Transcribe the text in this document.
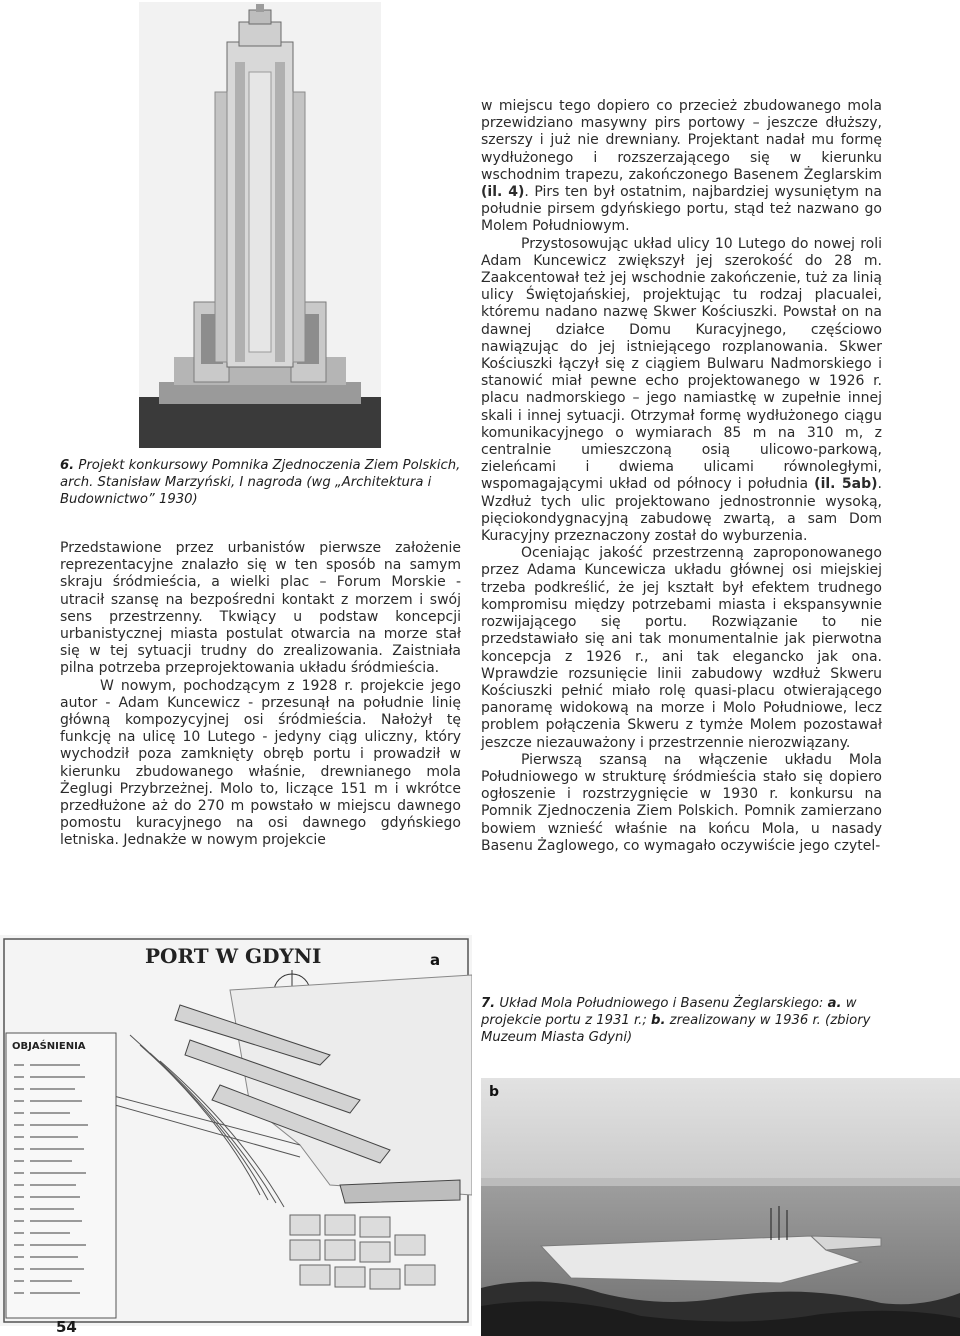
6. Projekt konkursowy Pomnika Zjednoczenia Ziem Polskich, arch. Stanisław Marzyński, I nagroda (wg „Architektura i Budownictwo” 1930)

Przedstawione przez urbanistów pierwsze założenie reprezentacyjne znalazło się w ten sposób na samym skraju śródmieścia, a wielki plac – Forum Morskie - utracił szansę na bezpośredni kontakt z morzem i swój sens przestrzenny. Tkwiący u podstaw koncepcji urbanistycznej miasta postulat otwarcia na morze stał się w tej sytuacji trudny do zrealizowania. Zaistniała pilna potrzeba przeprojektowania układu śródmieścia.

W nowym, pochodzącym z 1928 r. projekcie jego autor - Adam Kuncewicz - przesunął na południe linię główną kompozycyjnej osi śródmieścia. Nałożył tę funkcję na ulicę 10 Lutego - jedyny ciąg uliczny, który wychodził poza zamknięty obręb portu i prowadził w kierunku zbudowanego właśnie, drewnianego mola Żeglugi Przybrzeżnej. Molo to, liczące 151 m i wkrótce przedłużone aż do 270 m powstało w miejscu dawnego pomostu kuracyjnego na osi dawnego gdyńskiego letniska. Jednakże w nowym projekcie

w miejscu tego dopiero co przecież zbudowanego mola przewidziano masywny pirs portowy – jeszcze dłuższy, szerszy i już nie drewniany. Projektant nadał mu formę wydłużonego i rozszerzającego się w kierunku wschodnim trapezu, zakończonego Basenem Żeglarskim (il. 4). Pirs ten był ostatnim, najbardziej wysuniętym na południe pirsem gdyńskiego portu, stąd też nazwano go Molem Południowym.

Przystosowując układ ulicy 10 Lutego do nowej roli Adam Kuncewicz zwiększył jej szerokość do 28 m. Zaakcentował też jej wschodnie zakończenie, tuż za linią ulicy Świętojańskiej, projektując tu rodzaj placualei, któremu nadano nazwę Skwer Kościuszki. Powstał on na dawnej działce Domu Kuracyjnego, częściowo nawiązując do jej istniejącego rozplanowania. Skwer Kościuszki łączył się z ciągiem Bulwaru Nadmorskiego i stanowić miał pewne echo projektowanego w 1926 r. placu nadmorskiego – jego namiastkę w zupełnie innej skali i innej sytuacji. Otrzymał formę wydłużonego ciągu komunikacyjnego o wymiarach 85 m na 310 m, z centralnie umieszczoną osią ulicowo-parkową, zieleńcami i dwiema ulicami równoległymi, wspomagającymi układ od północy i południa (il. 5ab). Wzdłuż tych ulic projektowano jednostronnie wysoką, pięciokondygnacyjną zabudowę zwartą, a sam Dom Kuracyjny przeznaczony został do wyburzenia.

Oceniając jakość przestrzenną zaproponowanego przez Adama Kuncewicza układu głównej osi miejskiej trzeba podkreślić, że jej kształt był efektem trudnego kompromisu między potrzebami miasta i ekspansywnie rozwijającego się portu. Rozwiązanie to nie przedstawiało się ani tak monumentalnie jak pierwotna koncepcja z 1926 r., ani tak elegancko jak ona. Wprawdzie rozsunięcie linii zabudowy wzdłuż Skweru Kościuszki pełnić miało rolę quasi-placu otwierającego panoramę widokową na morze i Molo Południowe, lecz problem połączenia Skweru z tymże Molem pozostawał jeszcze niezauważony i przestrzennie nierozwiązany.

Pierwszą szansą na włączenie układu Mola Południowego w strukturę śródmieścia stało się dopiero ogłoszenie i rozstrzygnięcie w 1930 r. konkursu na Pomnik Zjednoczenia Ziem Polskich. Pomnik zamierzano bowiem wznieść właśnie na końcu Mola, u nasady Basenu Żaglowego, co wymagało oczywiście jego czytel-

7. Układ Mola Południowego i Basenu Żeglarskiego: a. w projekcie portu z 1931 r.; b. zrealizowany w 1936 r. (zbiory Muzeum Miasta Gdyni)

PORT W GDYNI
OBJAŚNIENIA
a
b
54
